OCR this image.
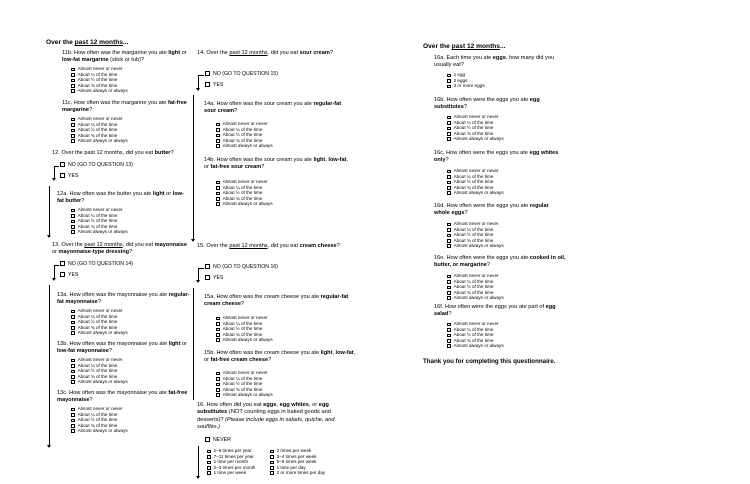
Over the past 12 months...
11b. How often was the margarine you ate light or low-fat margarine (stick or tub)?
Almost never or never
About ¼ of the time
About ½ of the time
About ¾ of the time
Almost always or always
11c. How often was the margarine you ate fat-free margarine?
Almost never or never
About ¼ of the time
About ½ of the time
About ¾ of the time
Almost always or always
12. Over the past 12 months, did you eat butter?
NO (GO TO QUESTION 13)
YES
12a. How often was the butter you ate light or low-fat butter?
Almost never or never
About ¼ of the time
About ½ of the time
About ¾ of the time
Almost always or always
13. Over the past 12 months, did you eat mayonnaise or mayonnaise-type dressing?
NO (GO TO QUESTION 14)
YES
13a. How often was the mayonnaise you ate regular-fat mayonnaise?
Almost never or never
About ¼ of the time
About ½ of the time
About ¾ of the time
Almost always or always
13b. How often was the mayonnaise you ate light or low-fat mayonnaise?
Almost never or never
About ¼ of the time
About ½ of the time
About ¾ of the time
Almost always or always
13c. How often was the mayonnaise you ate fat-free mayonnaise?
Almost never or never
About ¼ of the time
About ½ of the time
About ¾ of the time
Almost always or always
14. Over the past 12 months, did you eat sour cream?
NO (GO TO QUESTION 15)
YES
14a. How often was the sour cream you ate regular-fat sour cream?
Almost never or never
About ¼ of the time
About ½ of the time
About ¾ of the time
Almost always or always
14b. How often was the sour cream you ate light, low-fat, or fat-free sour cream?
Almost never or never
About ¼ of the time
About ½ of the time
About ¾ of the time
Almost always or always
15. Over the past 12 months, did you eat cream cheese?
NO (GO TO QUESTION 16)
YES
15a. How often was the cream cheese you ate regular-fat cream cheese?
Almost never or never
About ¼ of the time
About ½ of the time
About ¾ of the time
Almost always or always
15b. How often was the cream cheese you ate light, low-fat, or fat-free cream cheese?
Almost never or never
About ¼ of the time
About ½ of the time
About ¾ of the time
Almost always or always
16. How often did you eat eggs, egg whites, or egg substitutes (NOT counting eggs in baked goods and desserts)? (Please include eggs in salads, quiche, and soufflés.)
NEVER
1–6 times per year
7–11 times per year
1 time per month
2–3 times per month
1 time per week
2 times per week
3–4 times per week
5–6 times per week
1 time per day
2 or more times per day
Over the past 12 months...
16a. Each time you ate eggs, how many did you usually eat?
1 egg
2 eggs
3 or more eggs
16b. How often were the eggs you ate egg substitutes?
Almost never or never
About ¼ of the time
About ½ of the time
About ¾ of the time
Almost always or always
16c. How often were the eggs you ate egg whites only?
Almost never or never
About ¼ of the time
About ½ of the time
About ¾ of the time
Almost always or always
16d. How often were the eggs you ate regular whole eggs?
Almost never or never
About ¼ of the time
About ½ of the time
About ¾ of the time
Almost always or always
16e. How often were the eggs you ate cooked in oil, butter, or margarine?
Almost never or never
About ¼ of the time
About ½ of the time
About ¾ of the time
Almost always or always
16f. How often were the eggs you ate part of egg salad?
Almost never or never
About ¼ of the time
About ½ of the time
About ¾ of the time
Almost always or always
Thank you for completing this questionnaire.
